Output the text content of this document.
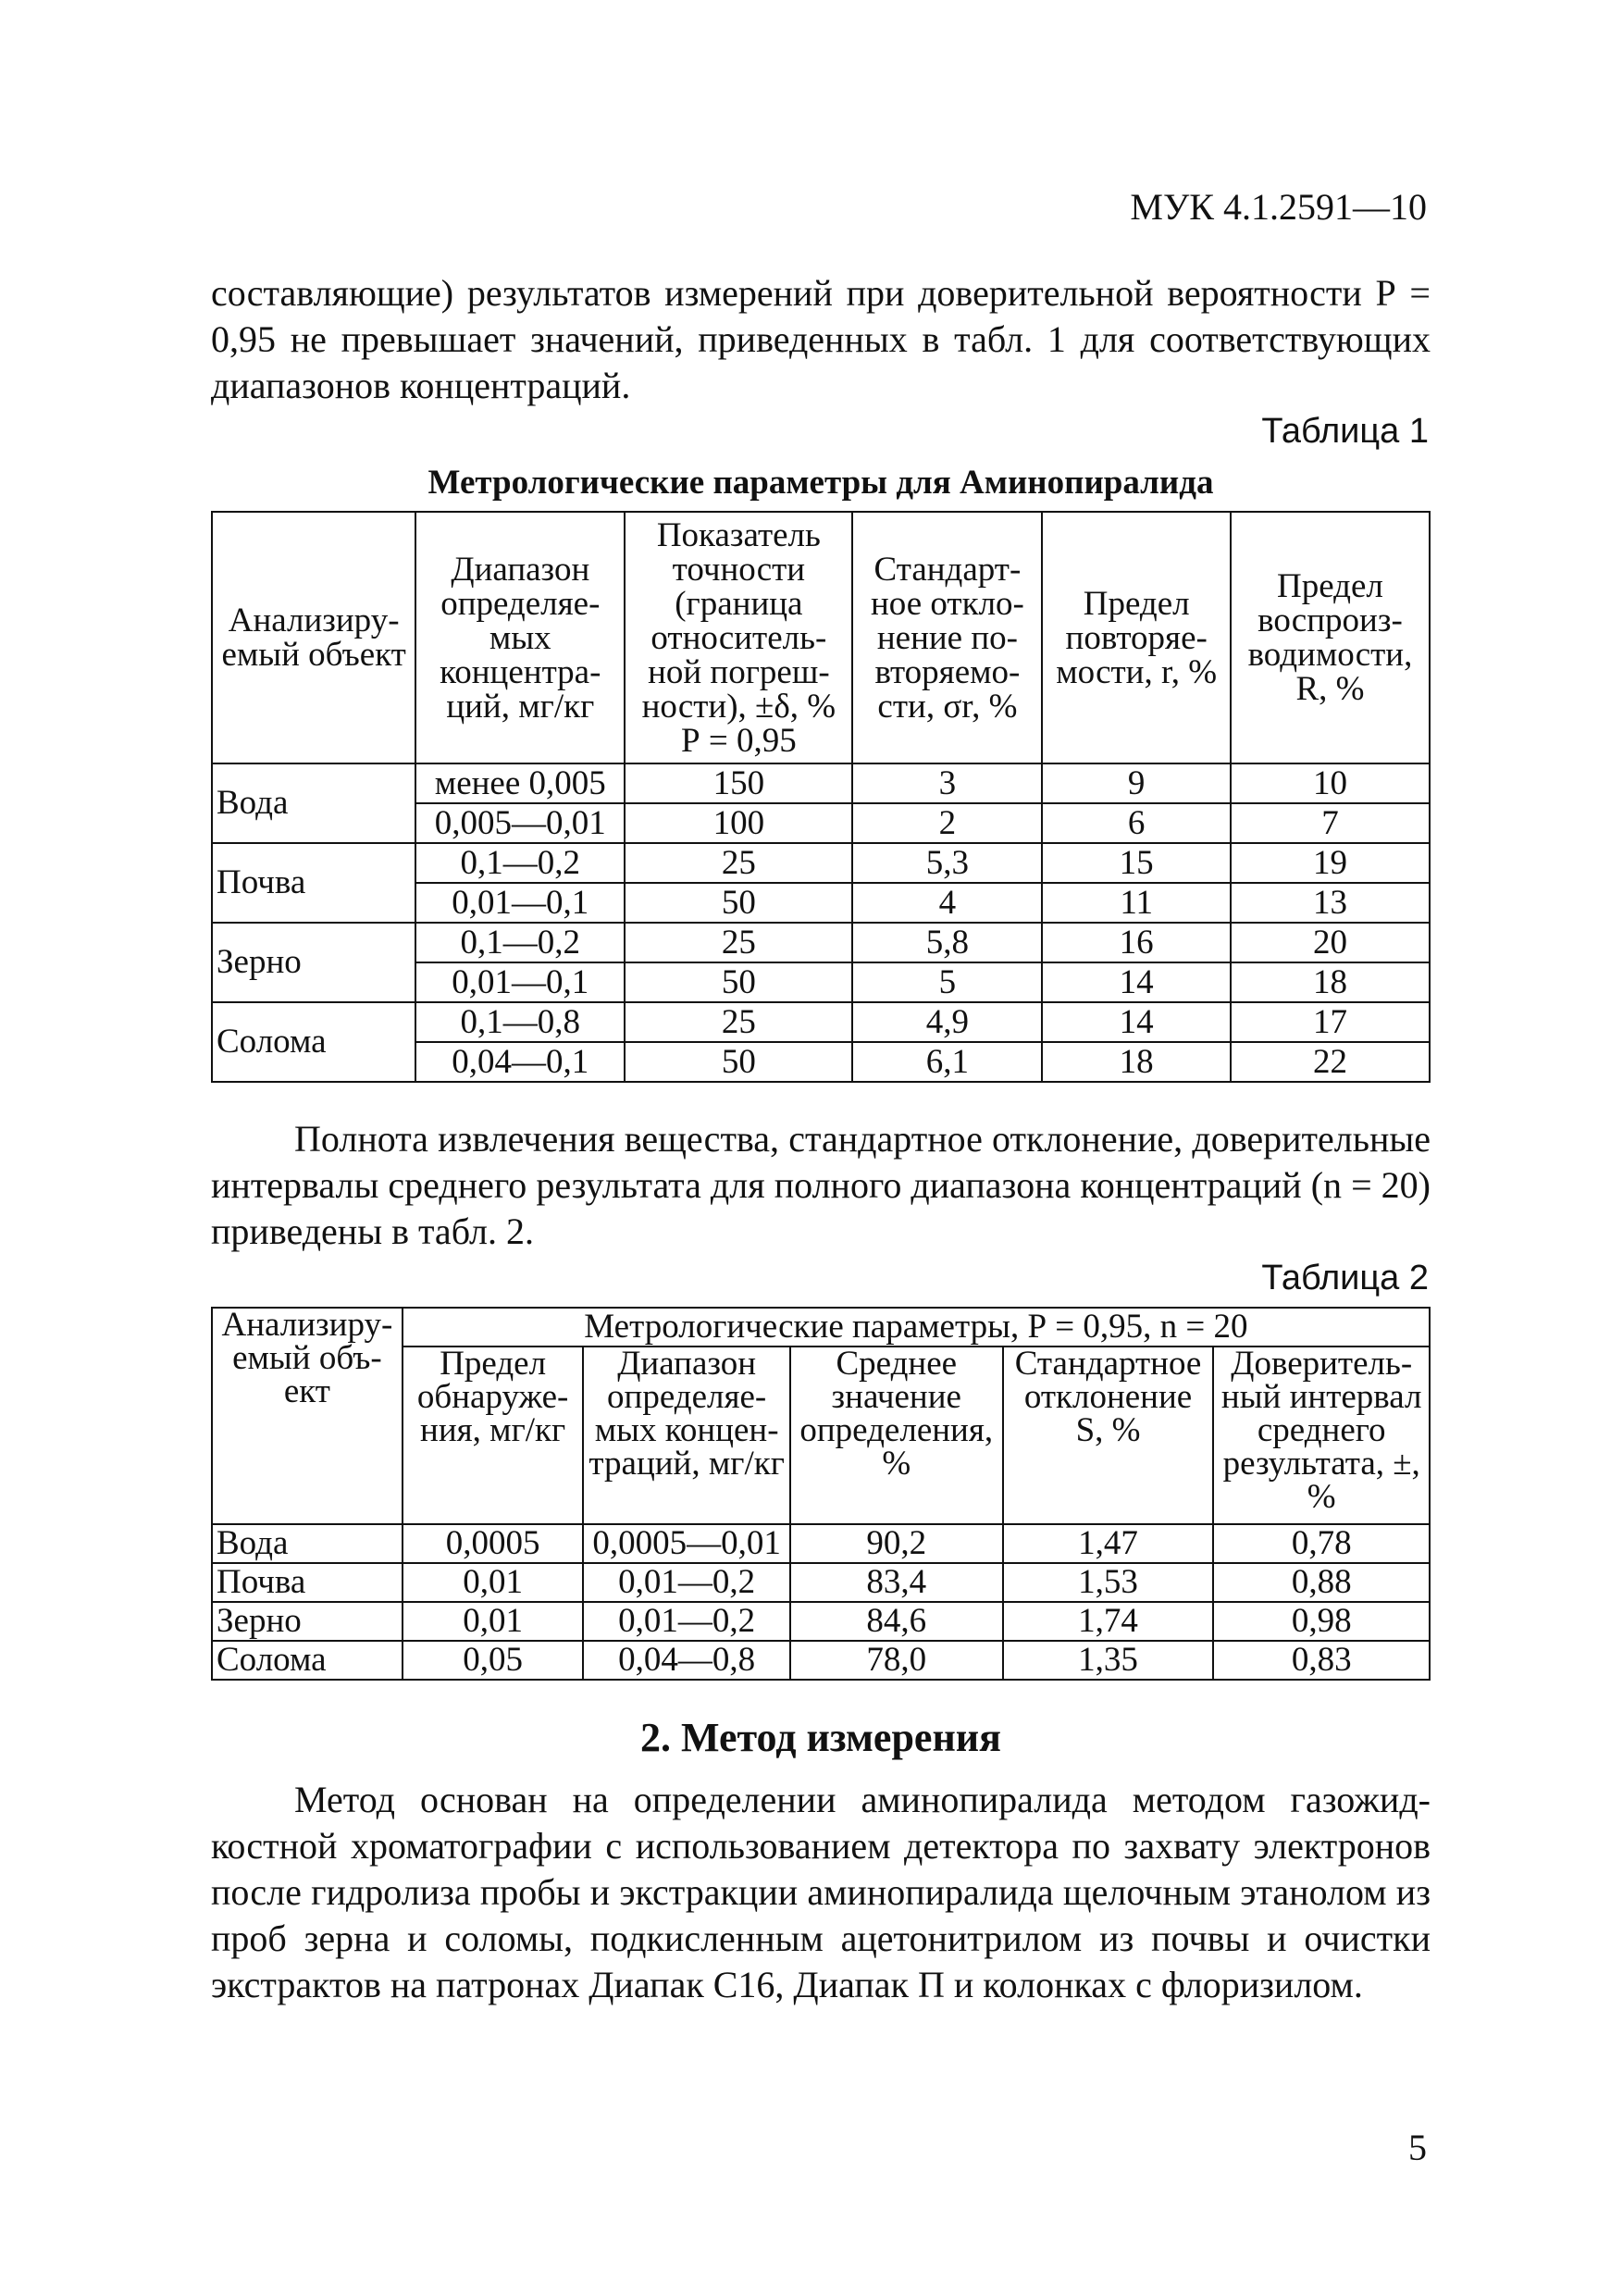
МУК 4.1.2591—10
составляющие) результатов измерений при доверительной вероятности Р = 0,95 не превышает значений, приведенных в табл. 1 для соответствующих диапазонов концентраций.
Таблица 1
Метрологические параметры для Аминопиралида
Анализируемый объект	Диапазон определяемых концентраций, мг/кг	Показатель точности (граница относительной погрешности), ±δ, % Р = 0,95	Стандартное отклонение повторяемости, σr, %	Предел повторяемости, r, %	Предел воспроизводимости, R, %
Вода	менее 0,005	150	3	9	10
	0,005—0,01	100	2	6	7
Почва	0,1—0,2	25	5,3	15	19
	0,01—0,1	50	4	11	13
Зерно	0,1—0,2	25	5,8	16	20
	0,01—0,1	50	5	14	18
Солома	0,1—0,8	25	4,9	14	17
	0,04—0,1	50	6,1	18	22
Полнота извлечения вещества, стандартное отклонение, доверительные интервалы среднего результата для полного диапазона концентраций (n = 20) приведены в табл. 2.
Таблица 2
Анализируемый объект	Метрологические параметры, Р = 0,95, n = 20				
	Предел обнаружения, мг/кг	Диапазон определяемых концентраций, мг/кг	Среднее значение определения, %	Стандартное отклонение S, %	Доверительный интервал среднего результата, ±, %
Вода	0,0005	0,0005—0,01	90,2	1,47	0,78
Почва	0,01	0,01—0,2	83,4	1,53	0,88
Зерно	0,01	0,01—0,2	84,6	1,74	0,98
Солома	0,05	0,04—0,8	78,0	1,35	0,83
2. Метод измерения
Метод основан на определении аминопиралида методом газожидкостной хроматографии с использованием детектора по захвату электронов после гидролиза пробы и экстракции аминопиралида щелочным этанолом из проб зерна и соломы, подкисленным ацетонитрилом из почвы и очистки экстрактов на патронах Диапак С16, Диапак П и колонках с флоризилом.
5
